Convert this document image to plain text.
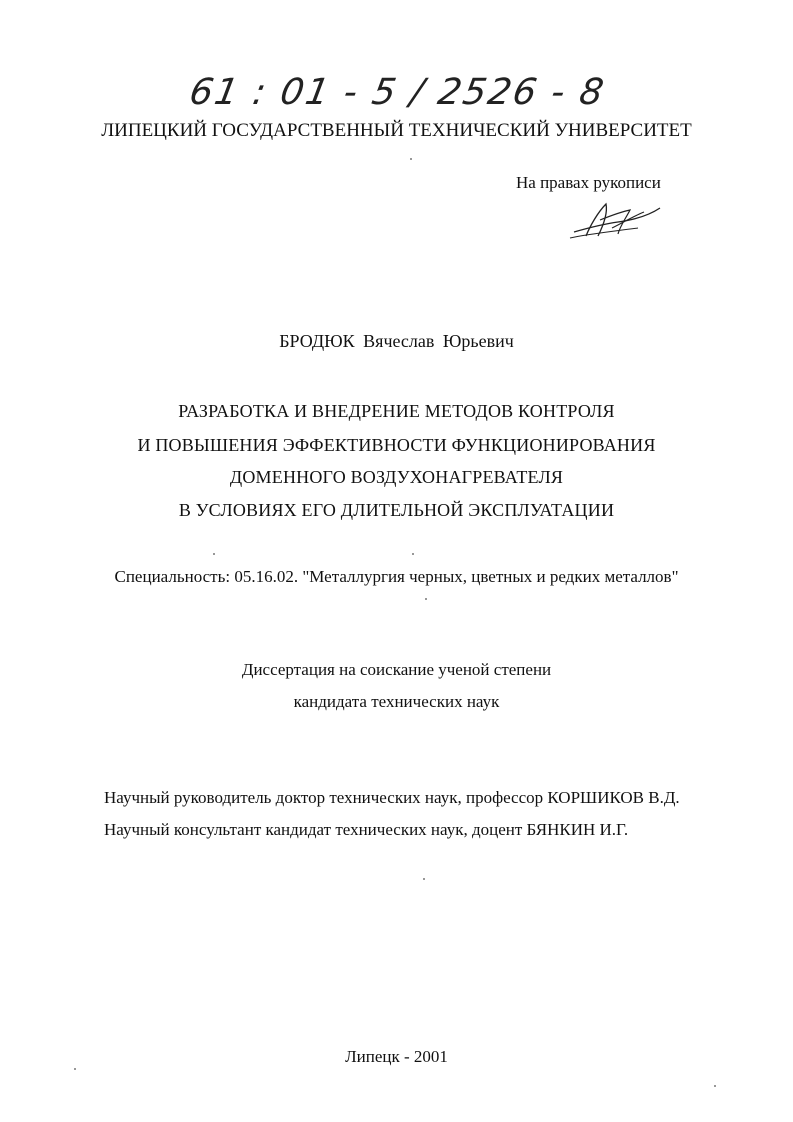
61 : 01 - 5 / 2526 - 8
ЛИПЕЦКИЙ ГОСУДАРСТВЕННЫЙ ТЕХНИЧЕСКИЙ УНИВЕРСИТЕТ
На правах рукописи
БРОДЮК Вячеслав Юрьевич
РАЗРАБОТКА И ВНЕДРЕНИЕ МЕТОДОВ КОНТРОЛЯ
И ПОВЫШЕНИЯ ЭФФЕКТИВНОСТИ ФУНКЦИОНИРОВАНИЯ
ДОМЕННОГО ВОЗДУХОНАГРЕВАТЕЛЯ
В УСЛОВИЯХ ЕГО ДЛИТЕЛЬНОЙ ЭКСПЛУАТАЦИИ
Специальность: 05.16.02. "Металлургия черных, цветных и редких металлов"
Диссертация на соискание ученой степени
кандидата технических наук
Научный руководитель доктор технических наук, профессор КОРШИКОВ В.Д.
Научный консультант кандидат технических наук, доцент БЯНКИН И.Г.
Липецк - 2001
